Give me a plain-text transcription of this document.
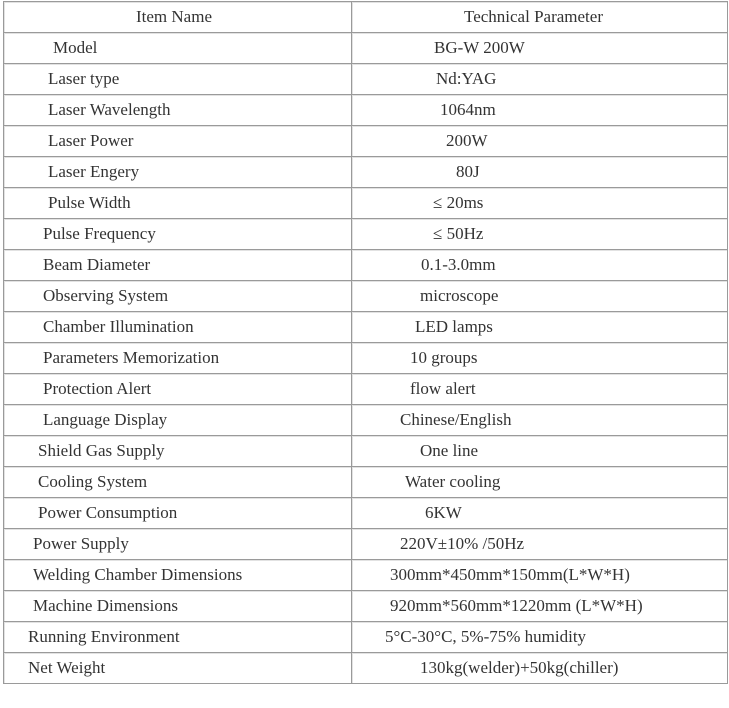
Item Name	Technical Parameter
Model	BG-W 200W
Laser type	Nd:YAG
Laser Wavelength	1064nm
Laser Power	200W
Laser Engery	80J
Pulse Width	≤ 20ms
Pulse Frequency	≤ 50Hz
Beam Diameter	0.1-3.0mm
Observing System	microscope
Chamber Illumination	LED lamps
Parameters Memorization	10 groups
Protection Alert	flow alert
Language Display	Chinese/English
Shield Gas Supply	One line
Cooling System	Water cooling
Power Consumption	6KW
Power Supply	220V±10% /50Hz
Welding Chamber Dimensions	300mm*450mm*150mm(L*W*H)
Machine Dimensions	920mm*560mm*1220mm (L*W*H)
Running Environment	5°C-30°C, 5%-75% humidity
Net Weight	130kg(welder)+50kg(chiller)
